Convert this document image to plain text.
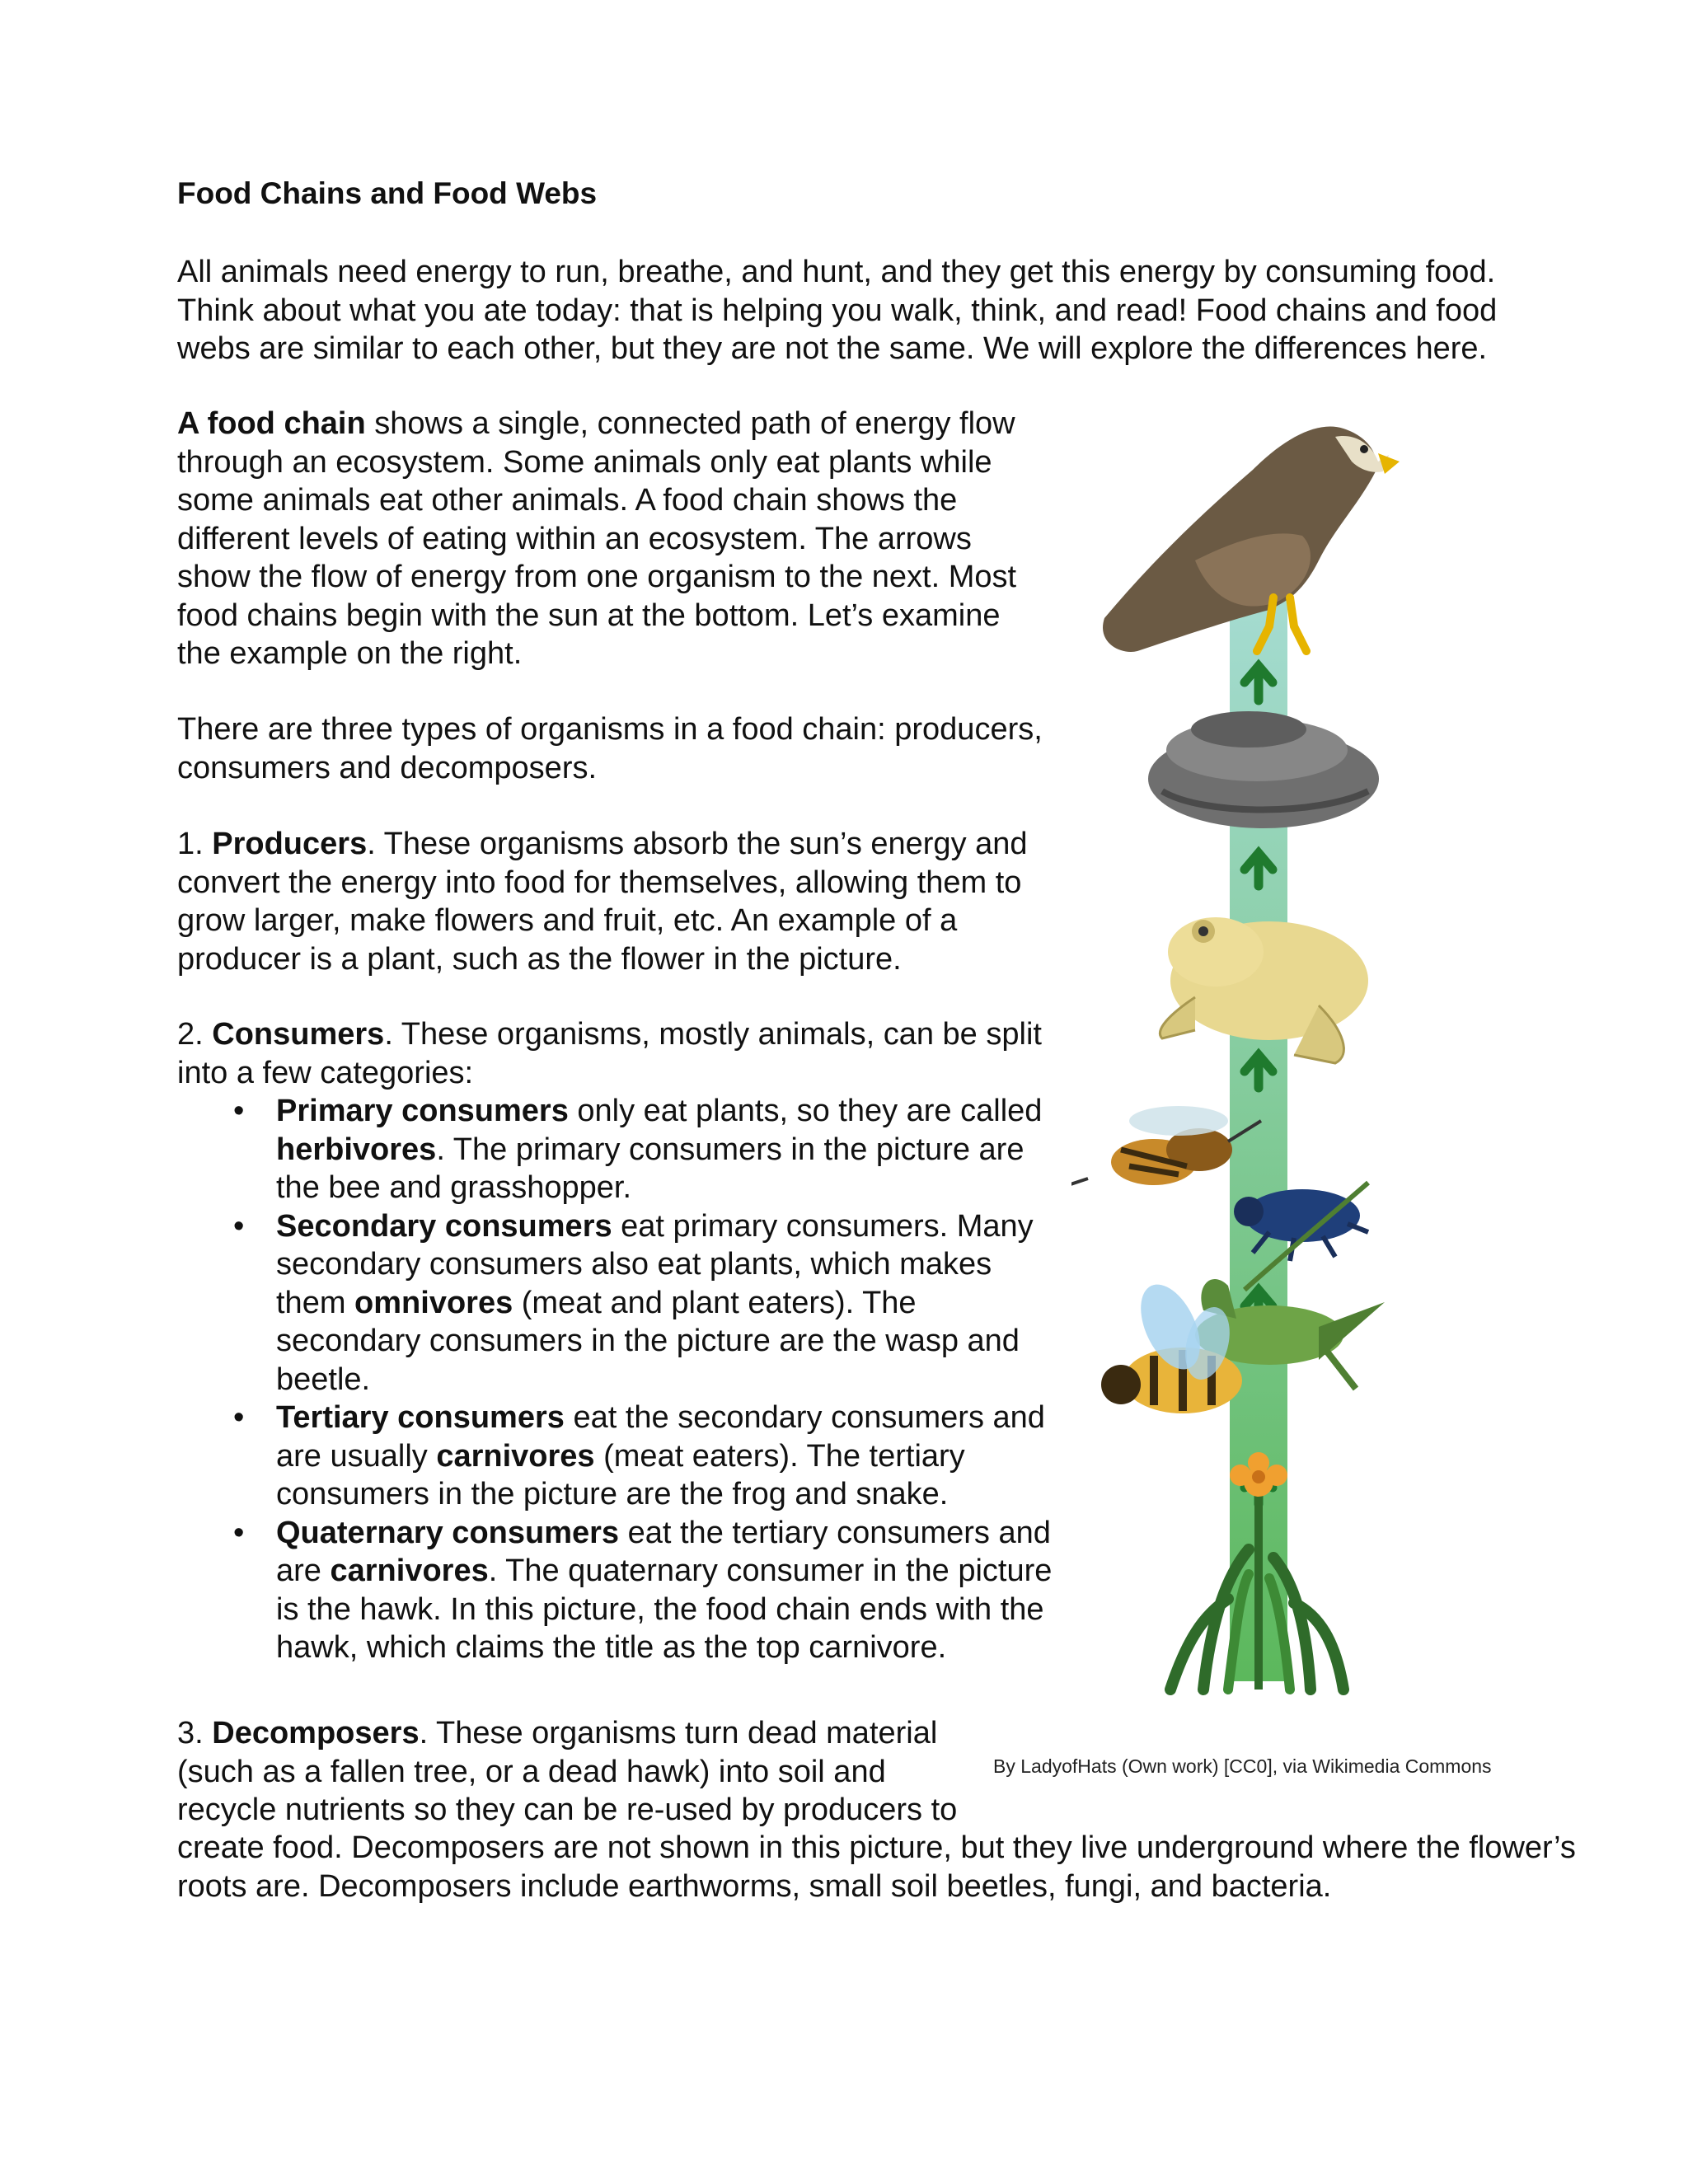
Food Chains and Food Webs
All animals need energy to run, breathe, and hunt, and they get this energy by consuming food. Think about what you ate today: that is helping you walk, think, and read! Food chains and food webs are similar to each other, but they are not the same. We will explore the differences here.
A food chain shows a single, connected path of energy flow through an ecosystem. Some animals only eat plants while some animals eat other animals. A food chain shows the different levels of eating within an ecosystem. The arrows show the flow of energy from one organism to the next. Most food chains begin with the sun at the bottom. Let’s examine the example on the right.
There are three types of organisms in a food chain: producers, consumers and decomposers.
1. Producers. These organisms absorb the sun’s energy and convert the energy into food for themselves, allowing them to grow larger, make flowers and fruit, etc. An example of a producer is a plant, such as the flower in the picture.
2. Consumers. These organisms, mostly animals, can be split into a few categories:
• Primary consumers only eat plants, so they are called herbivores. The primary consumers in the picture are the bee and grasshopper.
• Secondary consumers eat primary consumers. Many secondary consumers also eat plants, which makes them omnivores (meat and plant eaters). The secondary consumers in the picture are the wasp and beetle.
• Tertiary consumers eat the secondary consumers and are usually carnivores (meat eaters). The tertiary consumers in the picture are the frog and snake.
• Quaternary consumers eat the tertiary consumers and are carnivores. The quaternary consumer in the picture is the hawk. In this picture, the food chain ends with the hawk, which claims the title as the top carnivore.
3. Decomposers. These organisms turn dead material (such as a fallen tree, or a dead hawk) into soil and recycle nutrients so they can be re-used by producers to
create food. Decomposers are not shown in this picture, but they live underground where the flower’s roots are. Decomposers include earthworms, small soil beetles, fungi, and bacteria.
By LadyofHats (Own work) [CC0], via Wikimedia Commons
